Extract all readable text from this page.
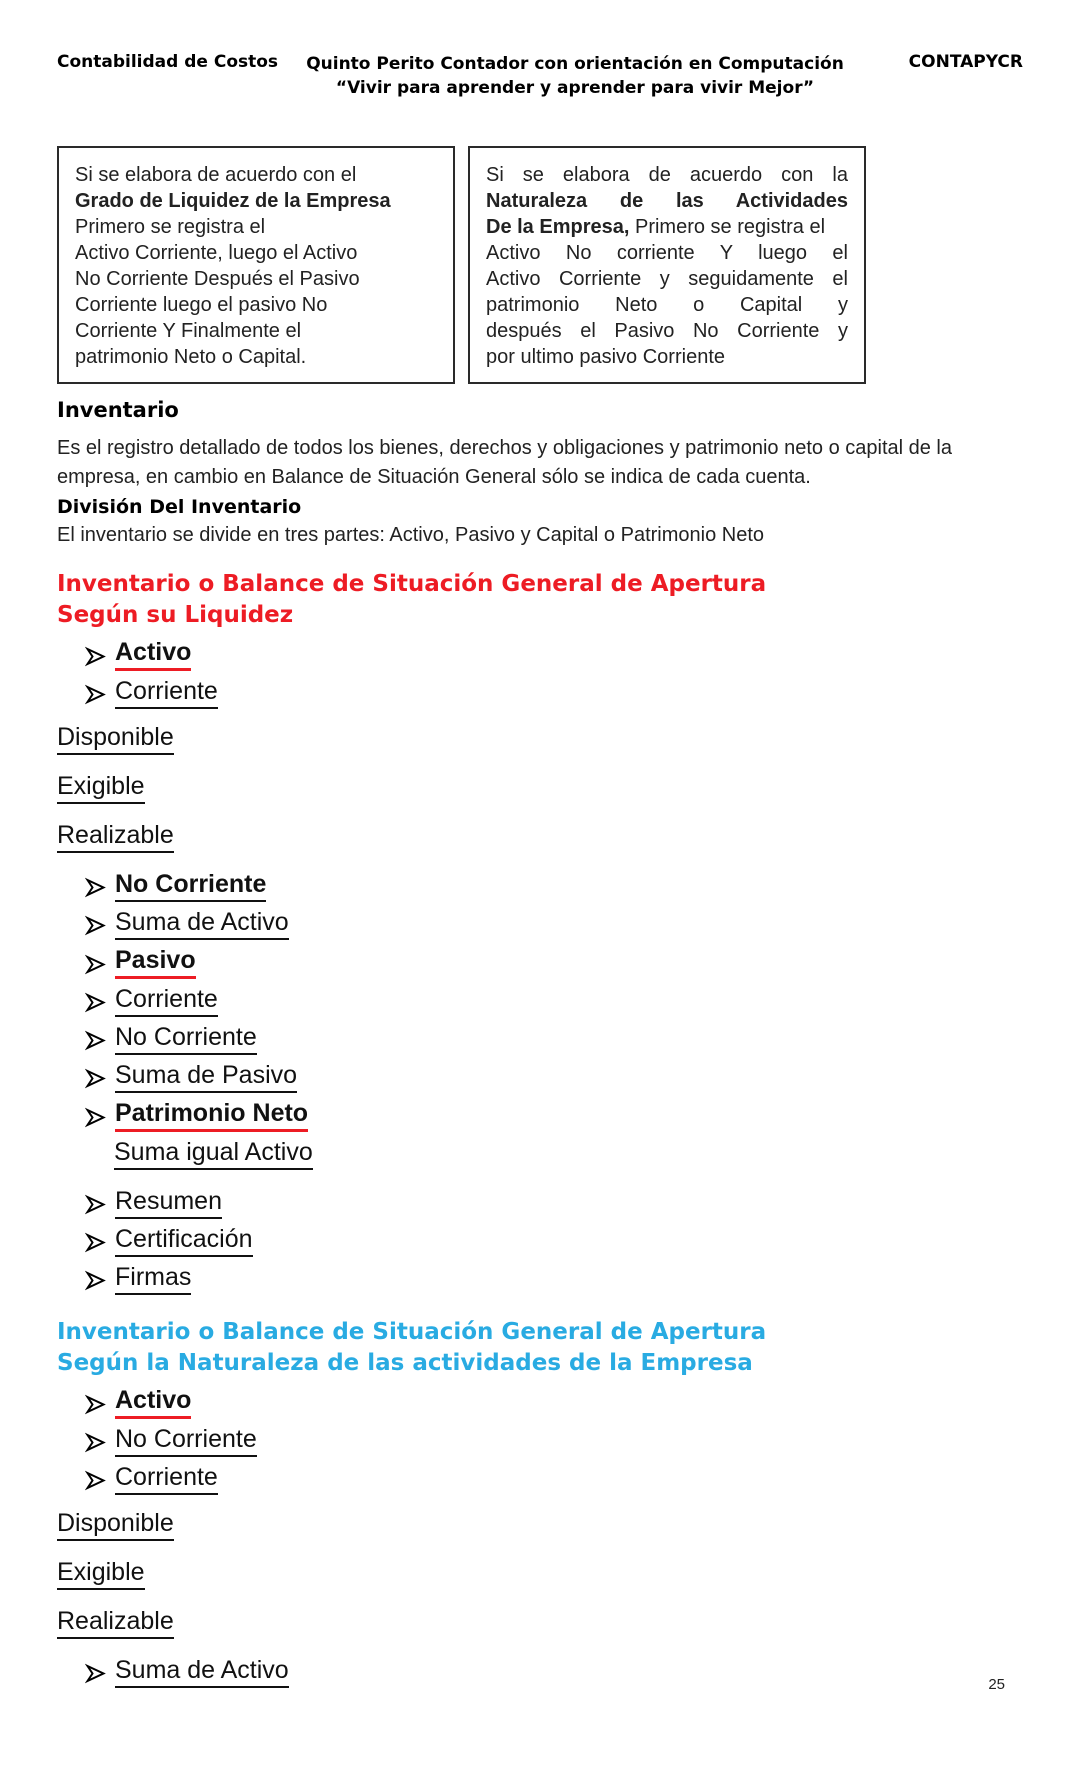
Contabilidad de Costos	Quinto Perito Contador con orientación en Computación
“Vivir para aprender y aprender para vivir Mejor”
CONTAPYCR
Si se elabora de acuerdo con el
Grado de Liquidez de la Empresa
Primero se registra el
Activo Corriente, luego el Activo
No Corriente Después el Pasivo
Corriente luego el pasivo No
Corriente Y Finalmente el
patrimonio Neto o Capital.
Si se elabora de acuerdo con la
Naturaleza de las Actividades
De la Empresa, Primero se registra el
Activo No corriente Y luego el
Activo Corriente y seguidamente el
patrimonio Neto o Capital y
después el Pasivo No Corriente y
por ultimo pasivo Corriente
Inventario
Es el registro detallado de todos los bienes, derechos y obligaciones y patrimonio neto o capital de la empresa, en cambio en Balance de Situación General sólo se indica de cada cuenta.
División Del Inventario
El inventario se divide en tres partes: Activo, Pasivo y Capital o Patrimonio Neto
Inventario o Balance de Situación General de Apertura
Según su Liquidez
Activo
Corriente
Disponible
Exigible
Realizable
No Corriente
Suma de Activo
Pasivo
Corriente
No Corriente
Suma de Pasivo
Patrimonio Neto
Suma igual Activo
Resumen
Certificación
Firmas
Inventario o Balance de Situación General de Apertura
Según la Naturaleza de las actividades de la Empresa
Activo
No Corriente
Corriente
Disponible
Exigible
Realizable
Suma de Activo
25
